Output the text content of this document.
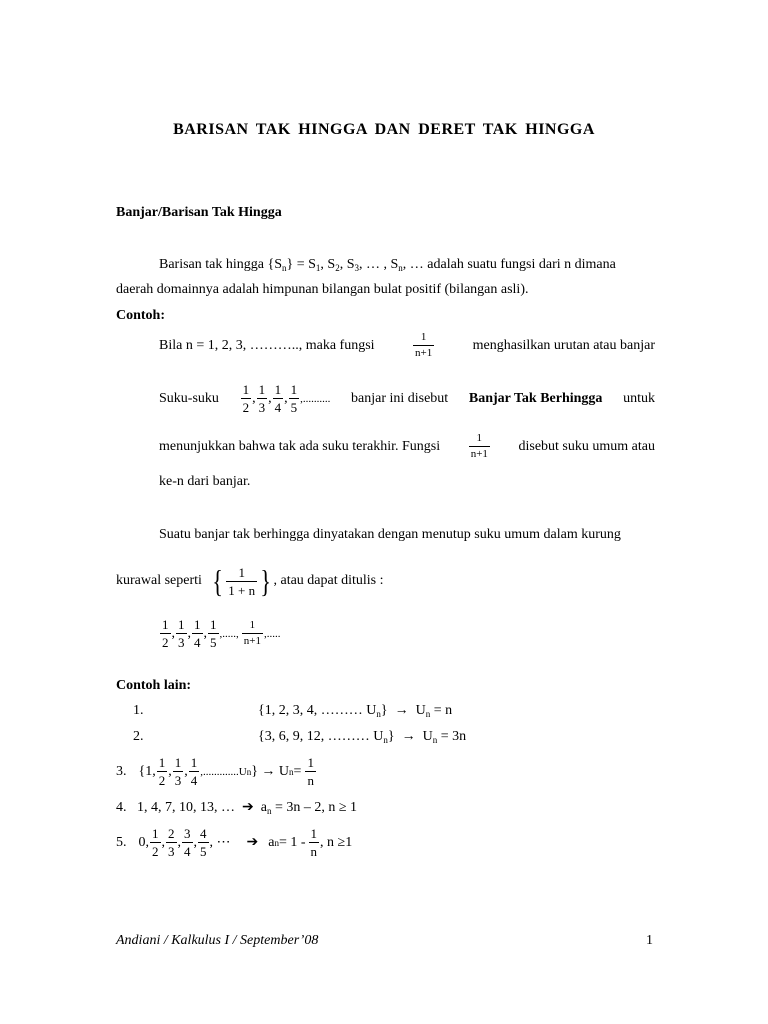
BARISAN TAK HINGGA DAN DERET TAK HINGGA
Banjar/Barisan Tak Hingga
Barisan tak hingga $\{S_n\} = S_1$, $S_2$, $S_3$, … , $S_n$, … adalah suatu fungsi dari n dimana
daerah domainnya adalah himpunan bilangan bulat positif (bilangan asli).
Contoh:
Bila n = 1, 2, 3, ……….., maka fungsi	$\frac{1}{n+1}$	menghasilkan urutan atau banjar
Suku-suku $\frac{1}{2}$ , $\frac{1}{3}$ , $\frac{1}{4}$ , $\frac{1}{5}$ ,.......... banjar ini disebut Banjar Tak Berhingga untuk
menunjukkan bahwa tak ada suku terakhir. Fungsi	$\frac{1}{n+1}$ disebut suku umum atau
ke-n dari banjar.
Suatu banjar tak berhingga dinyatakan dengan menutup suku umum dalam kurung
kurawal seperti { $\frac{1}{1 + n}$ } , atau dapat ditulis :
$\frac{1}{2}$ , $\frac{1}{3}$ , $\frac{1}{4}$ , $\frac{1}{5}$ ,....., $\frac{1}{n+1}$ ,.....
Contoh lain:
1.	{1, 2, 3, 4, ……… $U_n\} \to U_n = n$
2.	{3, 6, 9, 12, ……… $U_n\} \to U_n = 3n$
3. {1, $\frac{1}{2}$ , $\frac{1}{3}$ , $\frac{1}{4} ,.............U$ n }
→
U $n = \frac{1}{n}$
4. 1, 4, 7, 10, 13, … ➔ $a_n = 3n - 2$, n ≥ 1
5. 0, $\frac{1}{2}$ , $\frac{2}{3}$ , $\frac{3}{4}$ , $\frac{4}{5}$ , ⋯ ➔ a $n = 1 - \frac{1}{n}$ , n ≥1
Andiani / Kalkulus I / September’08	1
